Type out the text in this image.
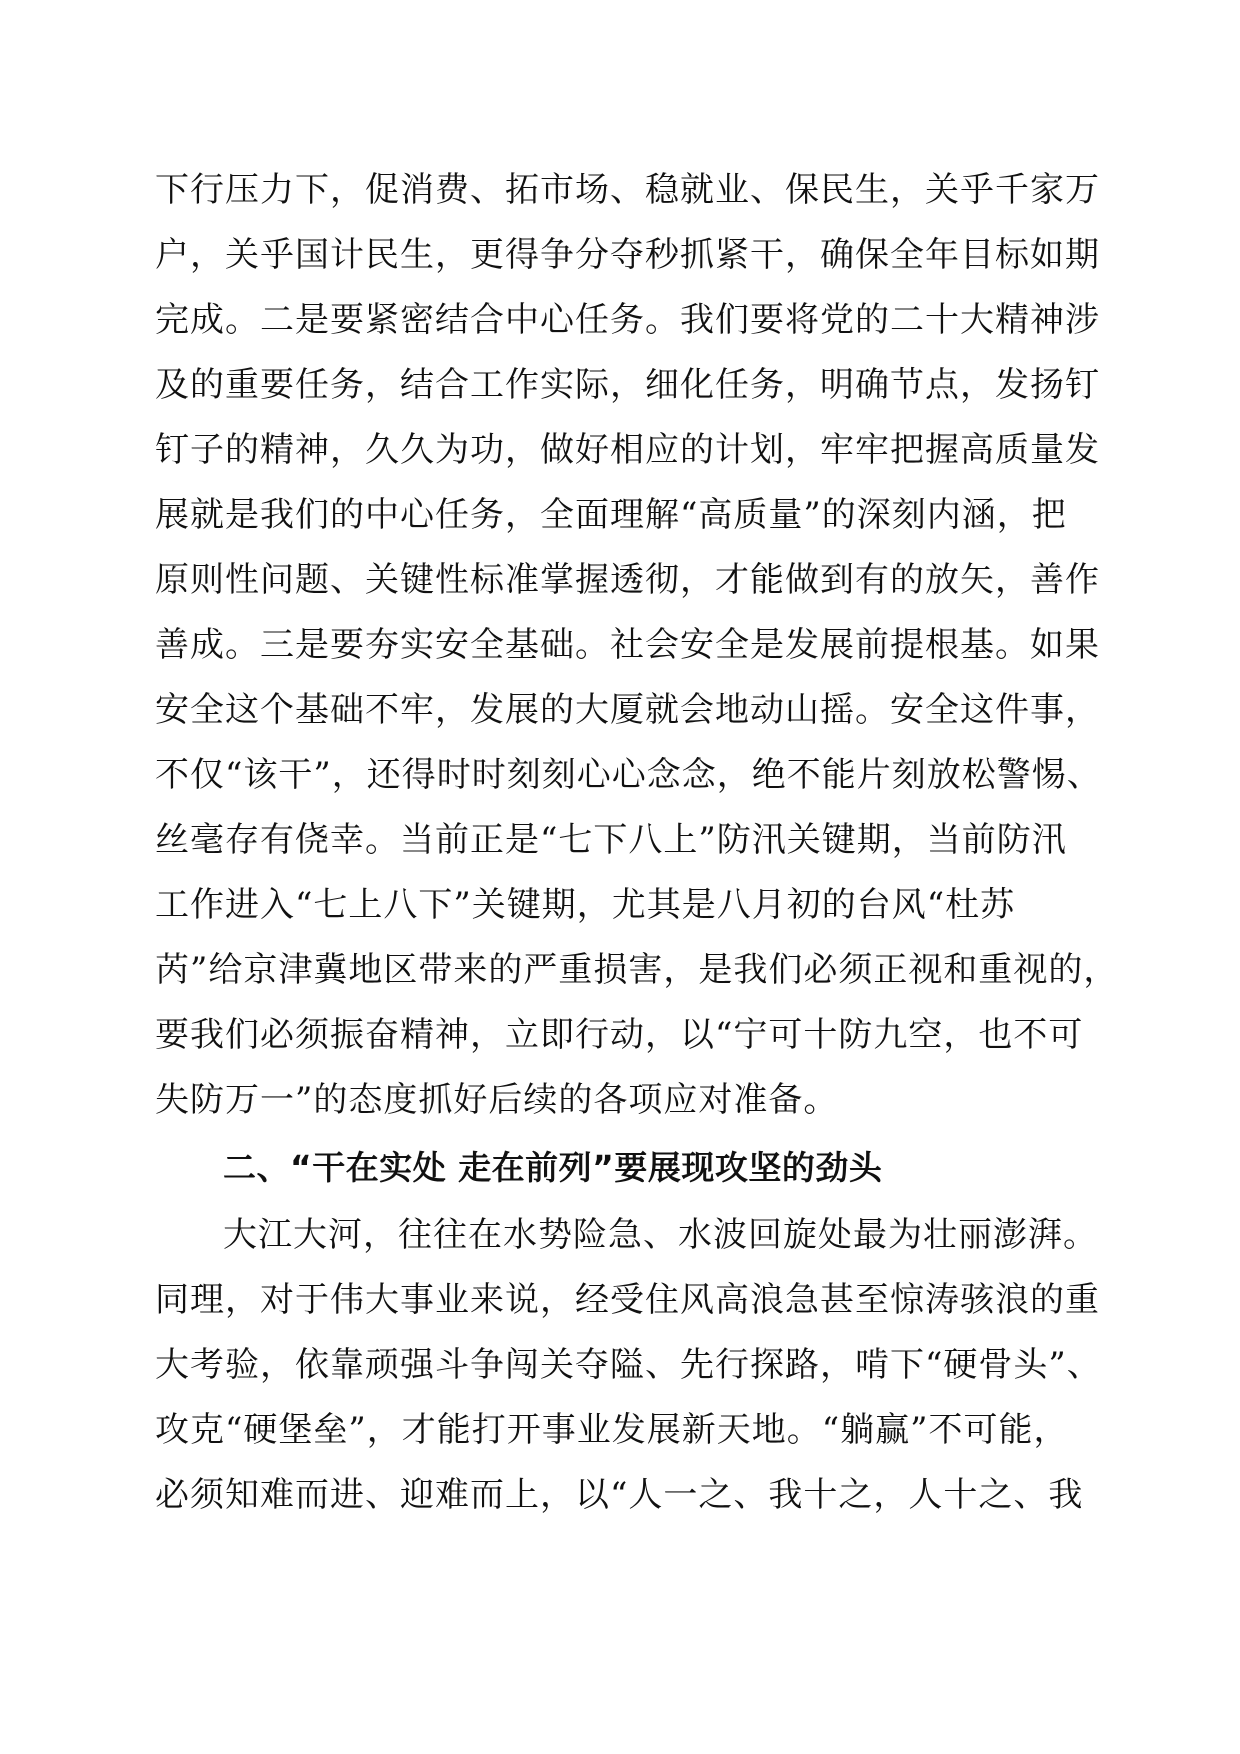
下行压力下，促消费、拓市场、稳就业、保民生，关乎千家万
户，关乎国计民生，更得争分夺秒抓紧干，确保全年目标如期
完成。二是要紧密结合中心任务。我们要将党的二十大精神涉
及的重要任务，结合工作实际，细化任务，明确节点，发扬钉
钉子的精神，久久为功，做好相应的计划，牢牢把握高质量发
展就是我们的中心任务，全面理解“高质量”的深刻内涵，把
原则性问题、关键性标准掌握透彻，才能做到有的放矢，善作
善成。三是要夯实安全基础。社会安全是发展前提根基。如果
安全这个基础不牢，发展的大厦就会地动山摇。安全这件事，
不仅“该干”，还得时时刻刻心心念念，绝不能片刻放松警惕、
丝毫存有侥幸。当前正是“七下八上”防汛关键期，当前防汛
工作进入“七上八下”关键期，尤其是八月初的台风“杜苏
芮”给京津冀地区带来的严重损害，是我们必须正视和重视的，
要我们必须振奋精神，立即行动，以“宁可十防九空，也不可
失防万一”的态度抓好后续的各项应对准备。
二、“干在实处 走在前列”要展现攻坚的劲头
大江大河，往往在水势险急、水波回旋处最为壮丽澎湃。
同理，对于伟大事业来说，经受住风高浪急甚至惊涛骇浪的重
大考验，依靠顽强斗争闯关夺隘、先行探路，啃下“硬骨头”、
攻克“硬堡垒”，才能打开事业发展新天地。“躺赢”不可能，
必须知难而进、迎难而上，以“人一之、我十之，人十之、我
